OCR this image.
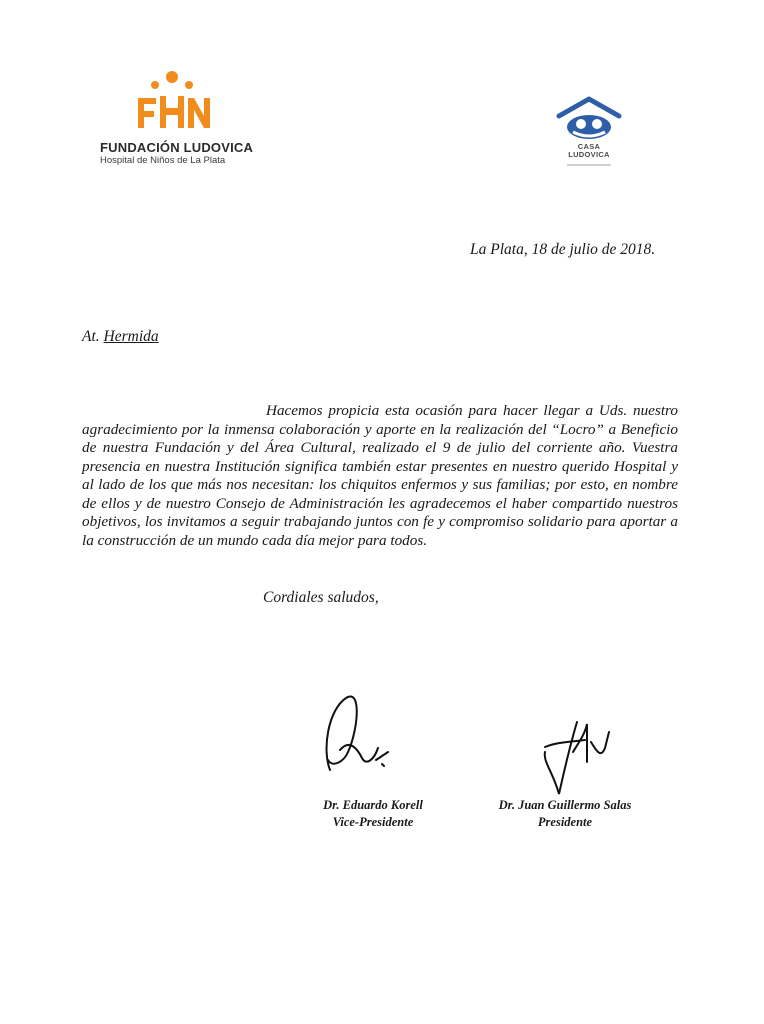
FUNDACIÓN LUDOVICA
Hospital de Niños de La Plata
CASA
LUDOVICA
La Plata, 18 de julio de 2018.
At. Hermida
Hacemos propicia esta ocasión para hacer llegar a Uds. nuestro agradecimiento por la inmensa colaboración y aporte en la realización del “Locro” a Beneficio de nuestra Fundación y del Área Cultural, realizado el 9 de julio del corriente año. Vuestra presencia en nuestra Institución significa también estar presentes en nuestro querido Hospital y al lado de los que más nos necesitan: los chiquitos enfermos y sus familias; por esto, en nombre de ellos y de nuestro Consejo de Administración les agradecemos el haber compartido nuestros objetivos, los invitamos a seguir trabajando juntos con fe y compromiso solidario para aportar a la construcción de un mundo cada día mejor para todos.
Cordiales saludos,
Dr. Eduardo Korell
Vice-Presidente
Dr. Juan Guillermo Salas
Presidente
